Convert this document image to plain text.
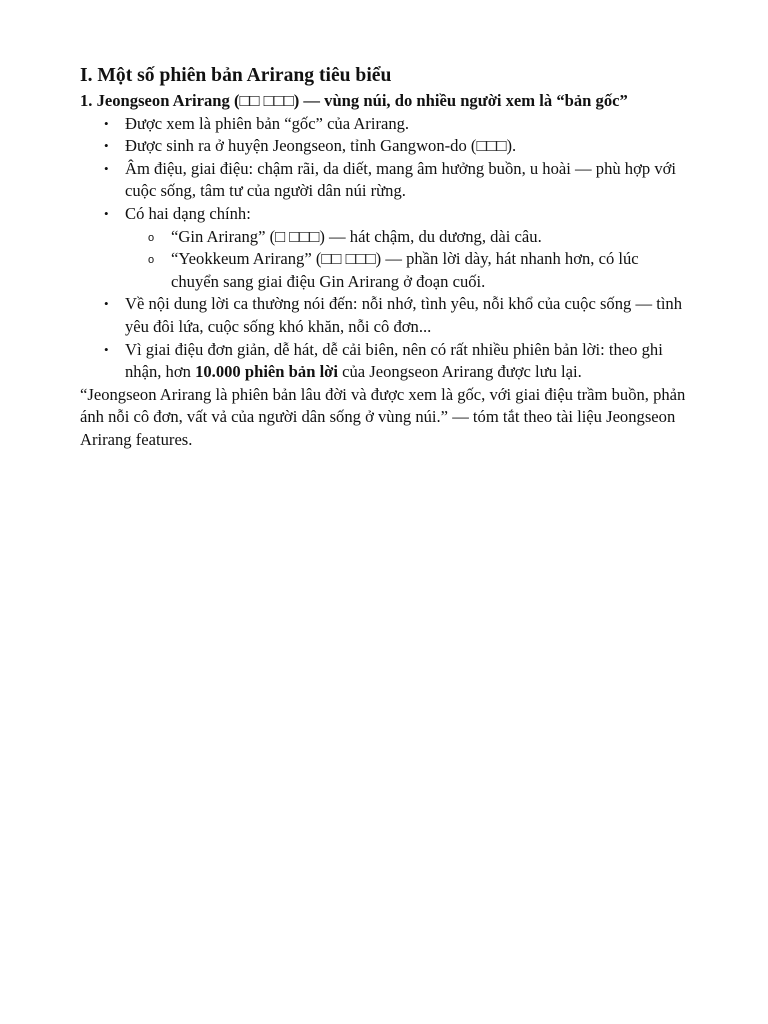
I. Một số phiên bản Arirang tiêu biểu
1. Jeongseon Arirang (□□ □□□) — vùng núi, do nhiều người xem là “bản gốc”
• Được xem là phiên bản “gốc” của Arirang.
• Được sinh ra ở huyện Jeongseon, tỉnh Gangwon-do (□□□).
• Âm điệu, giai điệu: chậm rãi, da diết, mang âm hưởng buồn, u hoài — phù hợp với cuộc sống, tâm tư của người dân núi rừng.
• Có hai dạng chính:
o “Gin Arirang” (□ □□□) — hát chậm, du dương, dài câu.
o “Yeokkeum Arirang” (□□ □□□) — phần lời dày, hát nhanh hơn, có lúc chuyển sang giai điệu Gin Arirang ở đoạn cuối.
• Về nội dung lời ca thường nói đến: nỗi nhớ, tình yêu, nỗi khổ của cuộc sống — tình yêu đôi lứa, cuộc sống khó khăn, nỗi cô đơn...
• Vì giai điệu đơn giản, dễ hát, dễ cải biên, nên có rất nhiều phiên bản lời: theo ghi nhận, hơn 10.000 phiên bản lời của Jeongseon Arirang được lưu lại.

“Jeongseon Arirang là phiên bản lâu đời và được xem là gốc, với giai điệu trầm buồn, phản ánh nỗi cô đơn, vất vả của người dân sống ở vùng núi.” — tóm tắt theo tài liệu Jeongseon Arirang features.
